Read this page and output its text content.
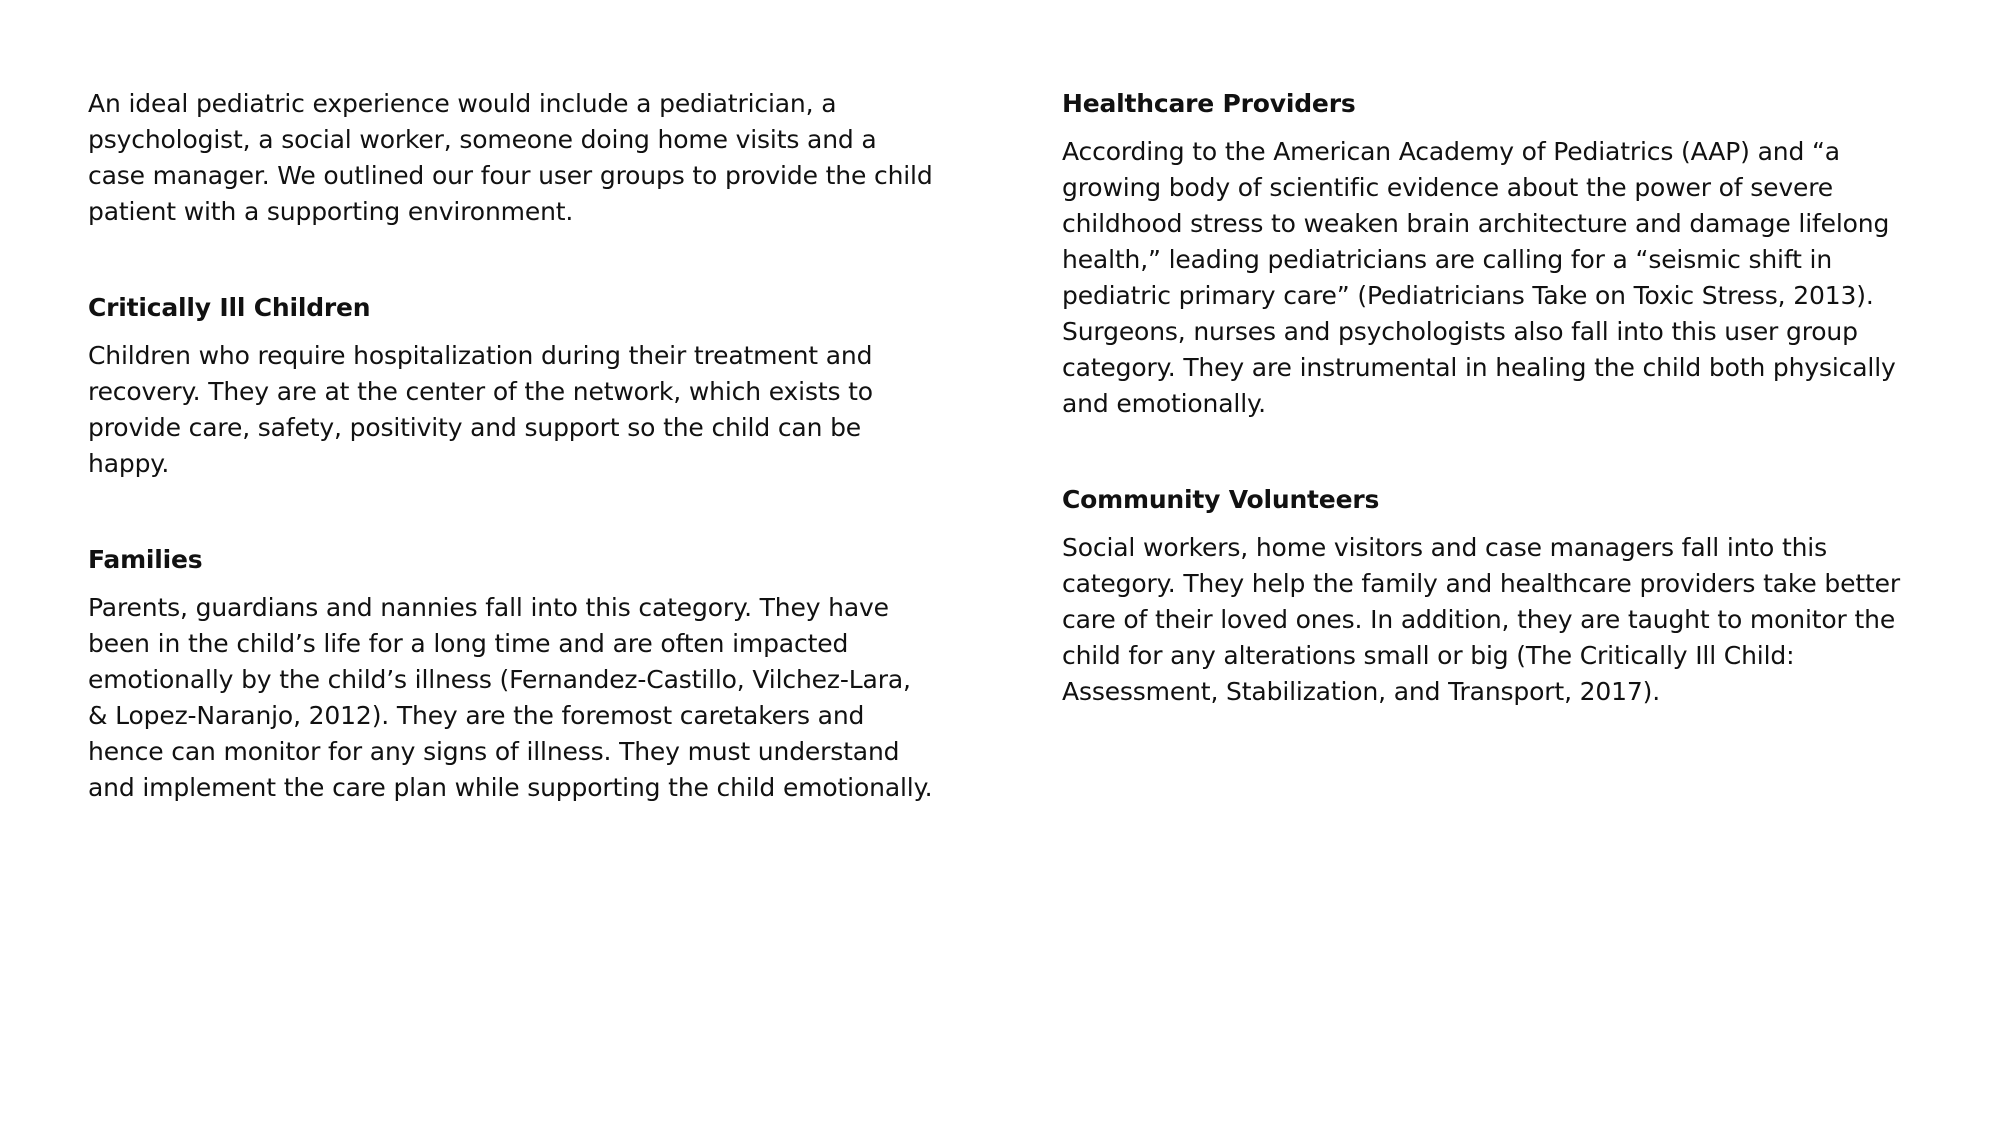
An ideal pediatric experience would include a pediatrician, a psychologist, a social worker, someone doing home visits and a case manager. We outlined our four user groups to provide the child patient with a supporting environment.

Critically Ill Children

Children who require hospitalization during their treatment and recovery. They are at the center of the network, which exists to provide care, safety, positivity and support so the child can be happy.

Families

Parents, guardians and nannies fall into this category. They have been in the child’s life for a long time and are often impacted emotionally by the child’s illness (Fernandez-Castillo, Vilchez-Lara, & Lopez-Naranjo, 2012). They are the foremost caretakers and hence can monitor for any signs of illness. They must understand and implement the care plan while supporting the child emotionally.

Healthcare Providers

According to the American Academy of Pediatrics (AAP) and “a growing body of scientific evidence about the power of severe childhood stress to weaken brain architecture and damage lifelong health,” leading pediatricians are calling for a “seismic shift in pediatric primary care” (Pediatricians Take on Toxic Stress, 2013). Surgeons, nurses and psychologists also fall into this user group category. They are instrumental in healing the child both physically and emotionally.

Community Volunteers

Social workers, home visitors and case managers fall into this category. They help the family and healthcare providers take better care of their loved ones. In addition, they are taught to monitor the child for any alterations small or big (The Critically Ill Child: Assessment, Stabilization, and Transport, 2017).
